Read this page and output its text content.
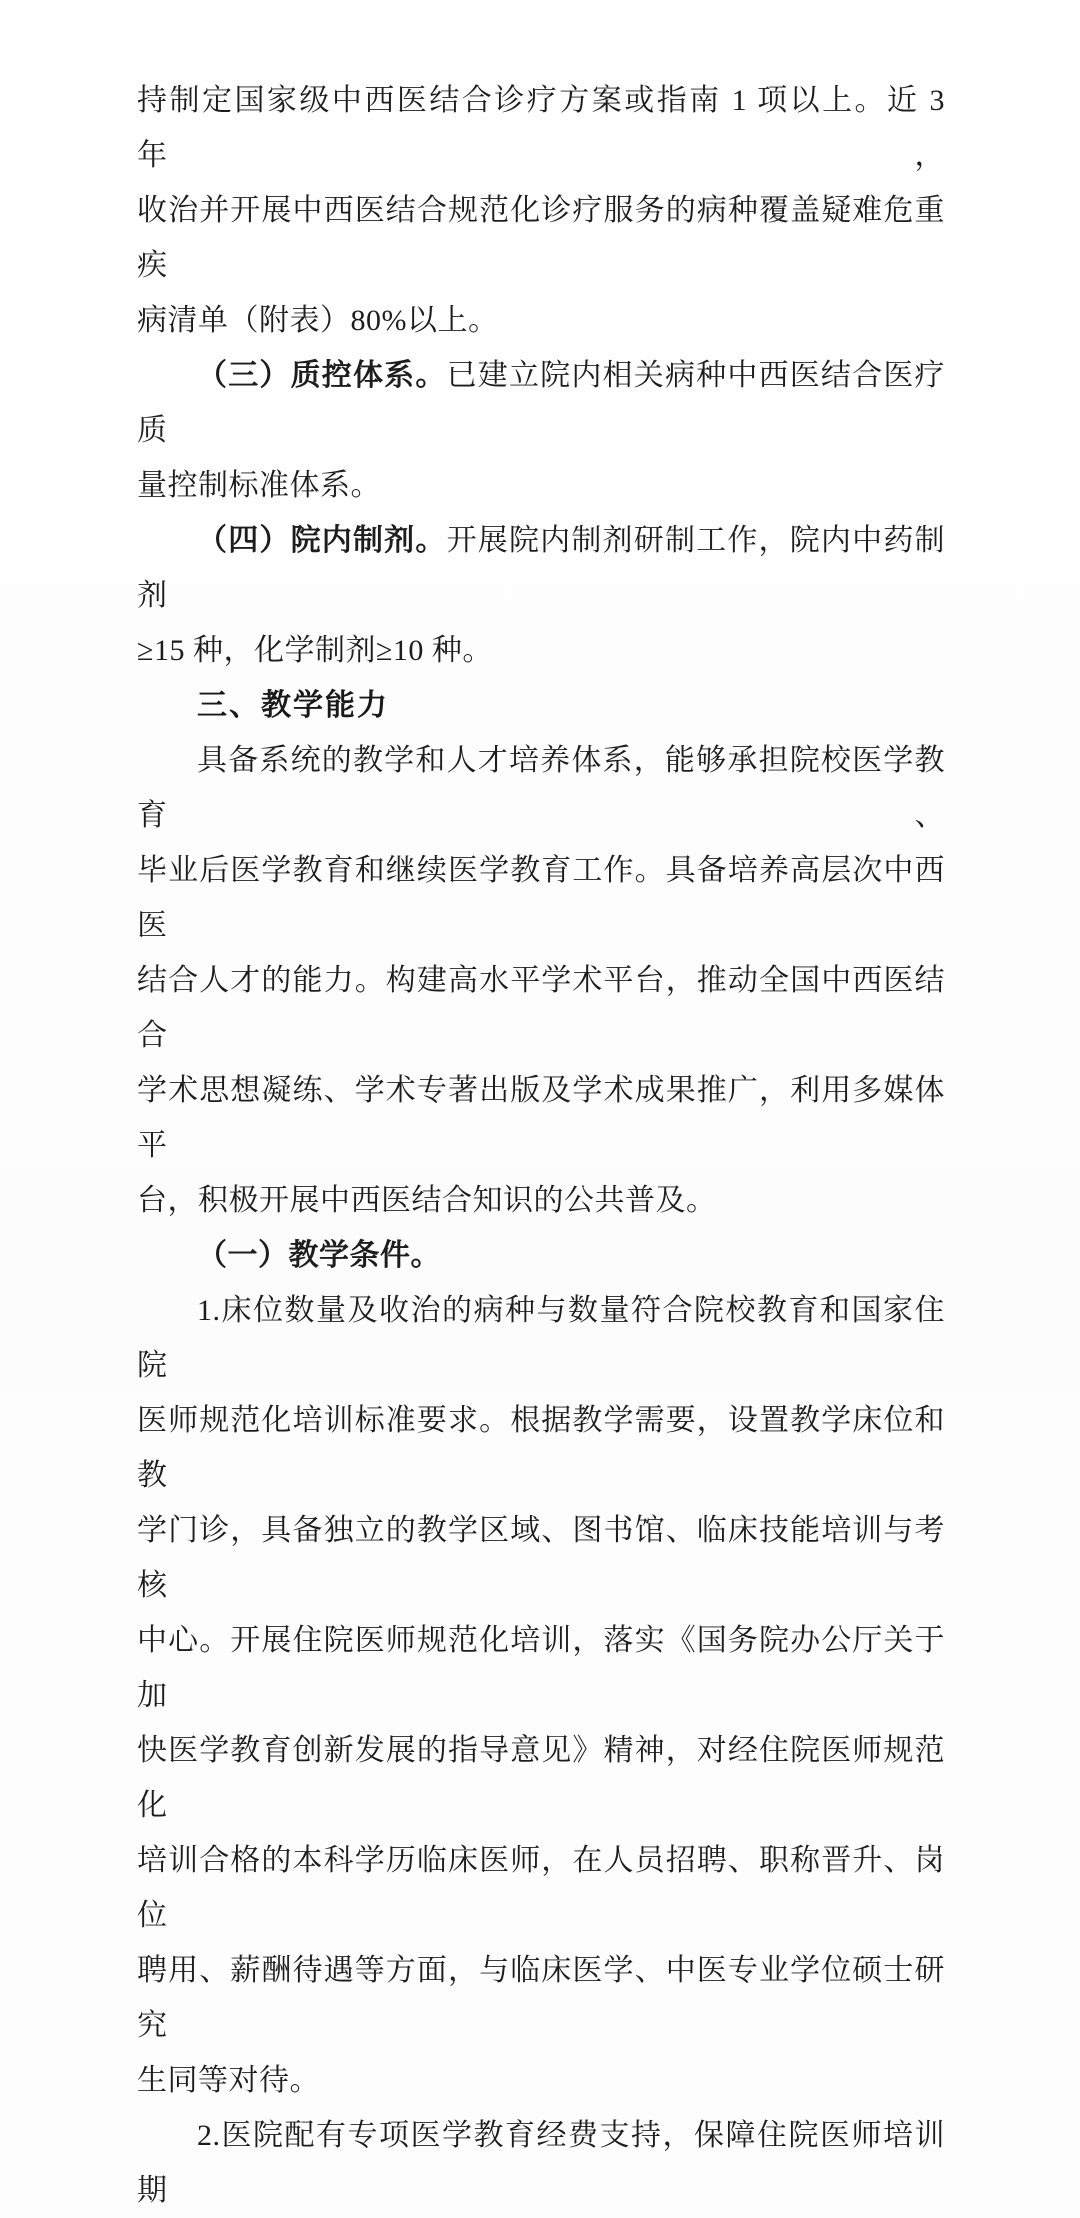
持制定国家级中西医结合诊疗方案或指南 1 项以上。近 3 年，
收治并开展中西医结合规范化诊疗服务的病种覆盖疑难危重疾
病清单（附表）80%以上。
（三）质控体系。已建立院内相关病种中西医结合医疗质
量控制标准体系。
（四）院内制剂。开展院内制剂研制工作，院内中药制剂
≥15 种，化学制剂≥10 种。
三、教学能力
具备系统的教学和人才培养体系，能够承担院校医学教育、
毕业后医学教育和继续医学教育工作。具备培养高层次中西医
结合人才的能力。构建高水平学术平台，推动全国中西医结合
学术思想凝练、学术专著出版及学术成果推广，利用多媒体平
台，积极开展中西医结合知识的公共普及。
（一）教学条件。
1.床位数量及收治的病种与数量符合院校教育和国家住院
医师规范化培训标准要求。根据教学需要，设置教学床位和教
学门诊，具备独立的教学区域、图书馆、临床技能培训与考核
中心。开展住院医师规范化培训，落实《国务院办公厅关于加
快医学教育创新发展的指导意见》精神，对经住院医师规范化
培训合格的本科学历临床医师，在人员招聘、职称晋升、岗位
聘用、薪酬待遇等方面，与临床医学、中医专业学位硕士研究
生同等对待。
2.医院配有专项医学教育经费支持，保障住院医师培训期
